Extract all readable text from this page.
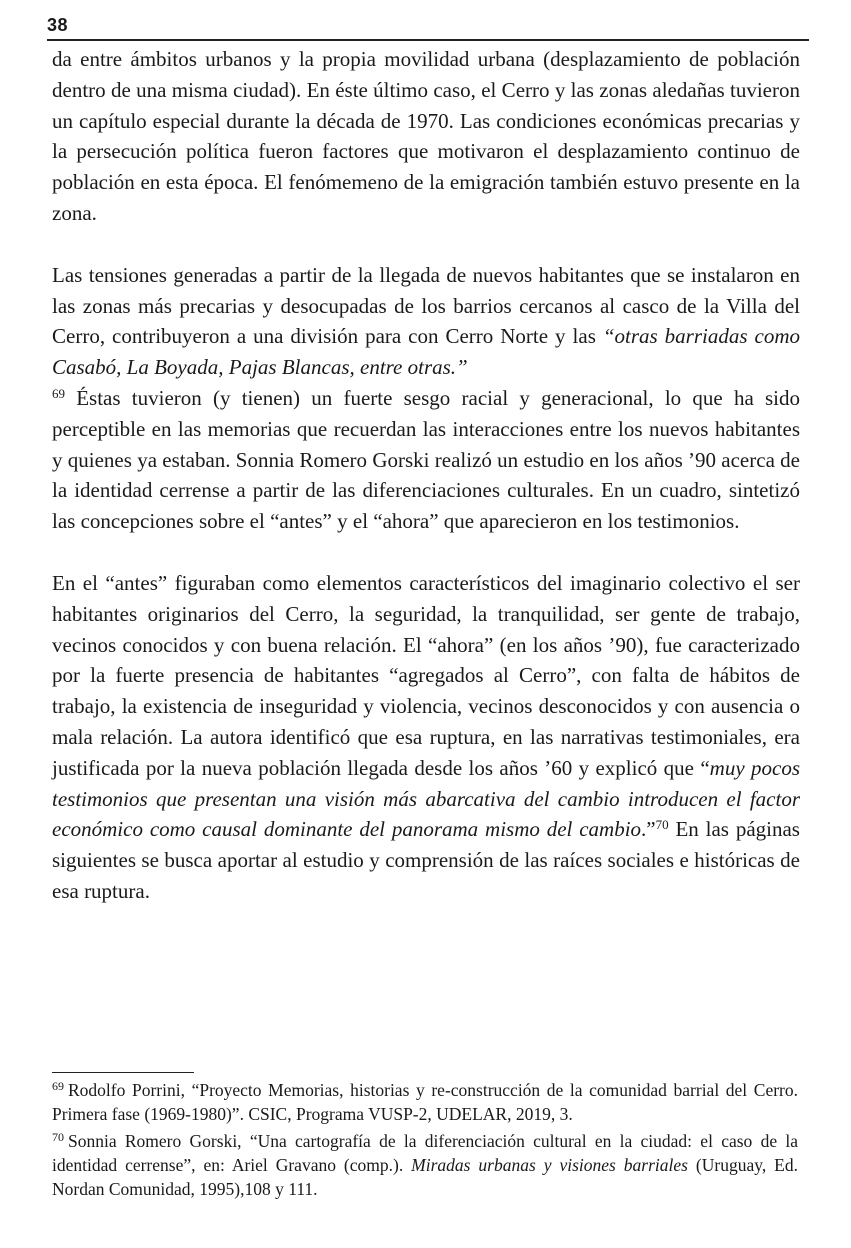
38

da entre ámbitos urbanos y la propia movilidad urbana (desplazamiento de población dentro de una misma ciudad). En éste último caso, el Cerro y las zonas aledañas tuvieron un capítulo especial durante la década de 1970. Las condiciones económicas precarias y la persecución política fueron factores que motivaron el desplazamiento continuo de población en esta época. El fenómemeno de la emigración también estuvo presente en la zona.

Las tensiones generadas a partir de la llegada de nuevos habitantes que se instalaron en las zonas más precarias y desocupadas de los barrios cercanos al casco de la Villa del Cerro, contribuyeron a una división para con Cerro Norte y las “otras barriadas como Casabó, La Boyada, Pajas Blancas, entre otras.”
$^{69}$ Éstas tuvieron (y tienen) un fuerte sesgo racial y generacional, lo que ha sido perceptible en las memorias que recuerdan las interacciones entre los nuevos habitantes y quienes ya estaban. Sonnia Romero Gorski realizó un estudio en los años ’90 acerca de la identidad cerrense a partir de las diferenciaciones culturales. En un cuadro, sintetizó las concepciones sobre el “antes” y el “ahora” que aparecieron en los testimonios.

En el “antes” figuraban como elementos característicos del imaginario colectivo el ser habitantes originarios del Cerro, la seguridad, la tranquilidad, ser gente de trabajo, vecinos conocidos y con buena relación. El “ahora” (en los años ’90), fue caracterizado por la fuerte presencia de habitantes “agregados al Cerro”, con falta de hábitos de trabajo, la existencia de inseguridad y violencia, vecinos desconocidos y con ausencia o mala relación. La autora identificó que esa ruptura, en las narrativas testimoniales, era justificada por la nueva población llegada desde los años ’60 y explicó que “muy pocos testimonios que presentan una visión más abarcativa del cambio introducen el factor económico como causal dominante del panorama mismo del cambio.”$^{70}$ En las páginas siguientes se busca aportar al estudio y comprensión de las raíces sociales e históricas de esa ruptura.

$^{69}$ Rodolfo Porrini, “Proyecto Memorias, historias y re-construcción de la comunidad barrial del Cerro. Primera fase (1969-1980)”. CSIC, Programa VUSP-2, UDELAR, 2019, 3.

$^{70}$ Sonnia Romero Gorski, “Una cartografía de la diferenciación cultural en la ciudad: el caso de la identidad cerrense”, en: Ariel Gravano (comp.). Miradas urbanas y visiones barriales (Uruguay, Ed. Nordan Comunidad, 1995),108 y 111.
